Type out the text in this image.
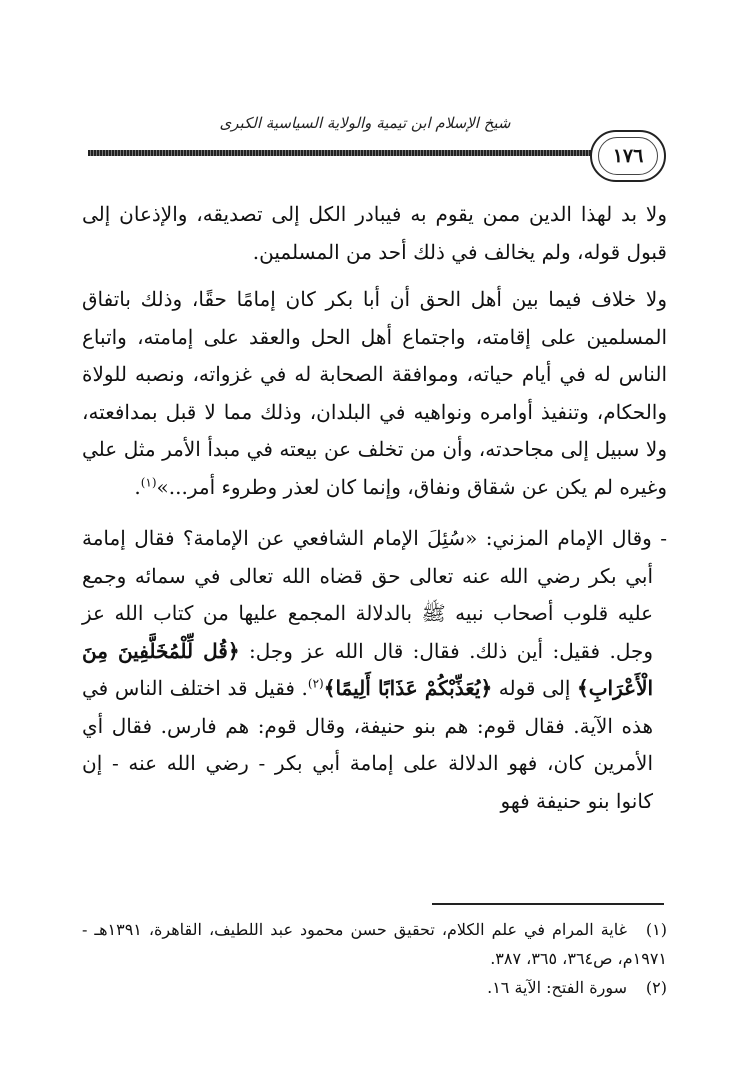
شيخ الإسلام ابن تيمية والولاية السياسية الكبرى
١٧٦

ولا بد لهذا الدين ممن يقوم به فيبادر الكل إلى تصديقه، والإذعان إلى قبول قوله، ولم يخالف في ذلك أحد من المسلمين.

ولا خلاف فيما بين أهل الحق أن أبا بكر كان إمامًا حقًا، وذلك باتفاق المسلمين على إقامته، واجتماع أهل الحل والعقد على إمامته، واتباع الناس له في أيام حياته، وموافقة الصحابة له في غزواته، ونصبه للولاة والحكام، وتنفيذ أوامره ونواهيه في البلدان، وذلك مما لا قبل بمدافعته، ولا سبيل إلى مجاحدته، وأن من تخلف عن بيعته في مبدأ الأمر مثل علي وغيره لم يكن عن شقاق ونفاق، وإنما كان لعذر وطروء أمر...»$^{(١)}$.

- وقال الإمام المزني: «سُئِلَ الإمام الشافعي عن الإمامة؟ فقال إمامة أبي بكر رضي الله عنه تعالى حق قضاه الله تعالى في سمائه وجمع عليه قلوب أصحاب نبيه ﷺ بالدلالة المجمع عليها من كتاب الله عز وجل. فقيل: أين ذلك. فقال: قال الله عز وجل: ﴿قُل لِّلْمُخَلَّفِينَ مِنَ الْأَعْرَابِ﴾ إلى قوله ﴿يُعَذِّبْكُمْ عَذَابًا أَلِيمًا﴾$^{(٢)}$. فقيل قد اختلف الناس في هذه الآية. فقال قوم: هم بنو حنيفة، وقال قوم: هم فارس. فقال أي الأمرين كان، فهو الدلالة على إمامة أبي بكر - رضي الله عنه - إن كانوا بنو حنيفة فهو

(١)غاية المرام في علم الكلام، تحقيق حسن محمود عبد اللطيف، القاهرة، ١٣٩١هـ - ١٩٧١م، ص٣٦٤، ٣٦٥، ٣٨٧.

(٢)سورة الفتح: الآية ١٦.
